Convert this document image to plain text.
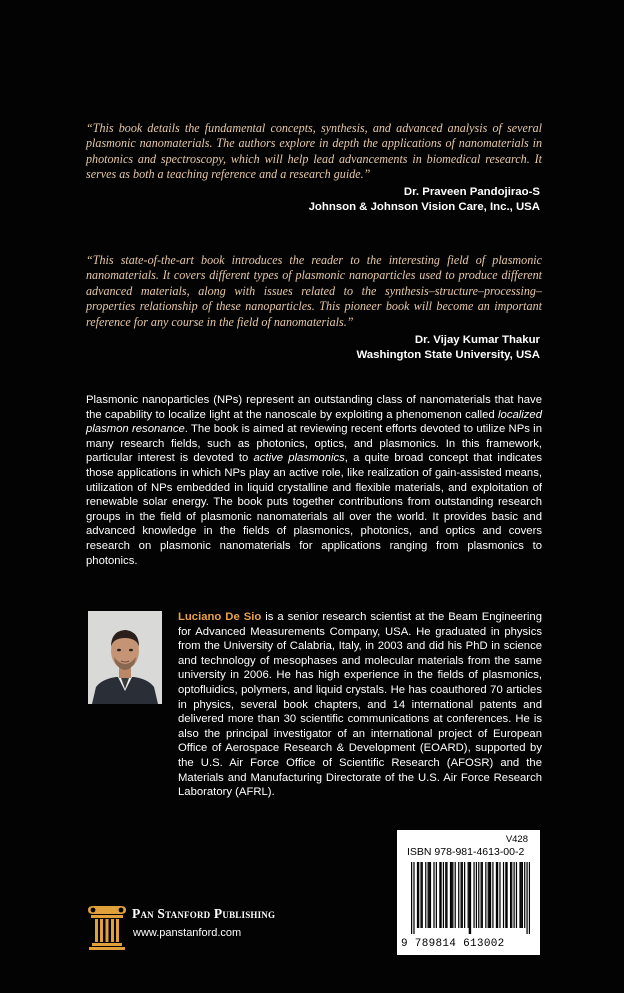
“This book details the fundamental concepts, synthesis, and advanced analysis of several plasmonic nanomaterials. The authors explore in depth the applications of nanomaterials in photonics and spectroscopy, which will help lead advancements in biomedical research. It serves as both a teaching reference and a research guide.”

Dr. Praveen Pandojirao-S
Johnson & Johnson Vision Care, Inc., USA

“This state-of-the-art book introduces the reader to the interesting field of plasmonic nanomaterials. It covers different types of plasmonic nanoparticles used to produce different advanced materials, along with issues related to the synthesis–structure–processing–properties relationship of these nanoparticles. This pioneer book will become an important reference for any course in the field of nanomaterials.”

Dr. Vijay Kumar Thakur
Washington State University, USA

Plasmonic nanoparticles (NPs) represent an outstanding class of nanomaterials that have the capability to localize light at the nanoscale by exploiting a phenomenon called localized plasmon resonance. The book is aimed at reviewing recent efforts devoted to utilize NPs in many research fields, such as photonics, optics, and plasmonics. In this framework, particular interest is devoted to active plasmonics, a quite broad concept that indicates those applications in which NPs play an active role, like realization of gain-assisted means, utilization of NPs embedded in liquid crystalline and flexible materials, and exploitation of renewable solar energy. The book puts together contributions from outstanding research groups in the field of plasmonic nanomaterials all over the world. It provides basic and advanced knowledge in the fields of plasmonics, photonics, and optics and covers research on plasmonic nanomaterials for applications ranging from plasmonics to photonics.

Luciano De Sio is a senior research scientist at the Beam Engineering for Advanced Measurements Company, USA. He graduated in physics from the University of Calabria, Italy, in 2003 and did his PhD in science and technology of mesophases and molecular materials from the same university in 2006. He has high experience in the fields of plasmonics, optofluidics, polymers, and liquid crystals. He has coauthored 70 articles in physics, several book chapters, and 14 international patents and delivered more than 30 scientific communications at conferences. He is also the principal investigator of an international project of European Office of Aerospace Research & Development (EOARD), supported by the U.S. Air Force Office of Scientific Research (AFOSR) and the Materials and Manufacturing Directorate of the U.S. Air Force Research Laboratory (AFRL).

Pan Stanford Publishing
www.panstanford.com
V428
ISBN 978-981-4613-00-2
9 789814 613002
